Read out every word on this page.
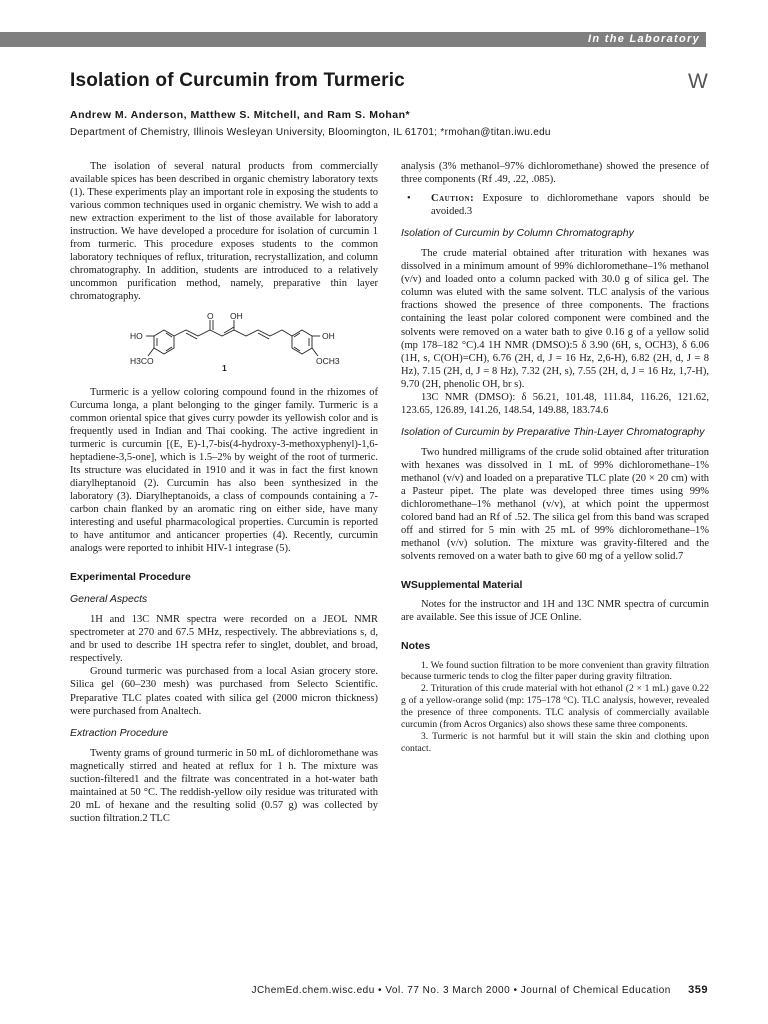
In the Laboratory
Isolation of Curcumin from Turmeric	W
Andrew M. Anderson, Matthew S. Mitchell, and Ram S. Mohan*
Department of Chemistry, Illinois Wesleyan University, Bloomington, IL 61701; *rmohan@titan.iwu.edu

The isolation of several natural products from commercially available spices has been described in organic chemistry laboratory texts (1). These experiments play an important role in exposing the students to various common techniques used in organic chemistry. We wish to add a new extraction experiment to the list of those available for laboratory instruction. We have developed a procedure for isolation of curcumin 1 from turmeric. This procedure exposes students to the common laboratory techniques of reflux, trituration, recrystallization, and column chromatography. In addition, students are introduced to a relatively uncommon purification method, namely, preparative thin layer chromatography.

O OH
HO	OH
H3CO	OCH3
1

Turmeric is a yellow coloring compound found in the rhizomes of Curcuma longa, a plant belonging to the ginger family. Turmeric is a common oriental spice that gives curry powder its yellowish color and is frequently used in Indian and Thai cooking. The active ingredient in turmeric is curcumin [(E, E)-1,7-bis(4-hydroxy-3-methoxyphenyl)-1,6-heptadiene-3,5-one], which is 1.5–2% by weight of the root of turmeric. Its structure was elucidated in 1910 and it was in fact the first known diarylheptanoid (2). Curcumin has also been synthesized in the laboratory (3). Diarylheptanoids, a class of compounds containing a 7-carbon chain flanked by an aromatic ring on either side, have many interesting and useful pharmacological properties. Curcumin is reported to have antitumor and anticancer properties (4). Recently, curcumin analogs were reported to inhibit HIV-1 integrase (5).

Experimental Procedure
General Aspects

1H and 13C NMR spectra were recorded on a JEOL NMR spectrometer at 270 and 67.5 MHz, respectively. The abbreviations s, d, and br used to describe 1H spectra refer to singlet, doublet, and broad, respectively.

Ground turmeric was purchased from a local Asian grocery store. Silica gel (60–230 mesh) was purchased from Selecto Scientific. Preparative TLC plates coated with silica gel (2000 micron thickness) were purchased from Analtech.

Extraction Procedure

Twenty grams of ground turmeric in 50 mL of dichloromethane was magnetically stirred and heated at reflux for 1 h. The mixture was suction-filtered1 and the filtrate was concentrated in a hot-water bath maintained at 50 °C. The reddish-yellow oily residue was triturated with 20 mL of hexane and the resulting solid (0.57 g) was collected by suction filtration.2 TLC

analysis (3% methanol–97% dichloromethane) showed the presence of three components (Rf .49, .22, .085).

•	Caution: Exposure to dichloromethane vapors should be avoided.3
Isolation of Curcumin by Column Chromatography

The crude material obtained after trituration with hexanes was dissolved in a minimum amount of 99% dichloromethane–1% methanol (v/v) and loaded onto a column packed with 30.0 g of silica gel. The column was eluted with the same solvent. TLC analysis of the various fractions showed the presence of three components. The fractions containing the least polar colored component were combined and the solvents were removed on a water bath to give 0.16 g of a yellow solid (mp 178–182 °C).4 1H NMR (DMSO):5 δ 3.90 (6H, s, OCH3), δ 6.06 (1H, s, C(OH)=CH), 6.76 (2H, d, J = 16 Hz, 2,6-H), 6.82 (2H, d, J = 8 Hz), 7.15 (2H, d, J = 8 Hz), 7.32 (2H, s), 7.55 (2H, d, J = 16 Hz, 1,7-H), 9.70 (2H, phenolic OH, br s).

13C NMR (DMSO): δ 56.21, 101.48, 111.84, 116.26, 121.62, 123.65, 126.89, 141.26, 148.54, 149.88, 183.74.6

Isolation of Curcumin by Preparative Thin-Layer Chromatography

Two hundred milligrams of the crude solid obtained after trituration with hexanes was dissolved in 1 mL of 99% dichloromethane–1% methanol (v/v) and loaded on a preparative TLC plate (20 × 20 cm) with a Pasteur pipet. The plate was developed three times using 99% dichloromethane–1% methanol (v/v), at which point the uppermost colored band had an Rf of .52. The silica gel from this band was scraped off and stirred for 5 min with 25 mL of 99% dichloromethane–1% methanol (v/v) solution. The mixture was gravity-filtered and the solvents removed on a water bath to give 60 mg of a yellow solid.7

WSupplemental Material

Notes for the instructor and 1H and 13C NMR spectra of curcumin are available. See this issue of JCE Online.

Notes

1. We found suction filtration to be more convenient than gravity filtration because turmeric tends to clog the filter paper during gravity filtration.

2. Trituration of this crude material with hot ethanol (2 × 1 mL) gave 0.22 g of a yellow-orange solid (mp: 175–178 °C). TLC analysis, however, revealed the presence of three components. TLC analysis of commercially available curcumin (from Acros Organics) also shows these same three components.

3. Turmeric is not harmful but it will stain the skin and clothing upon contact.

JChemEd.chem.wisc.edu • Vol. 77 No. 3 March 2000 • Journal of Chemical Education 359
